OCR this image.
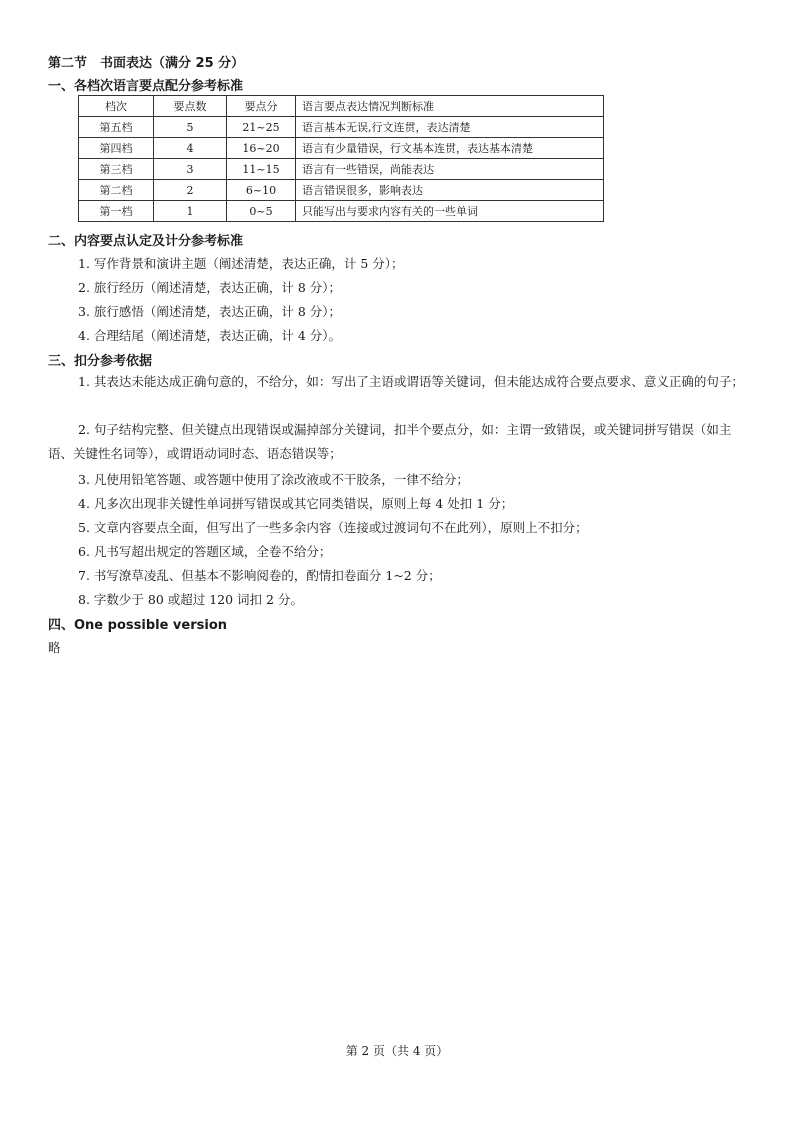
第二节　书面表达（满分 25 分）
一、各档次语言要点配分参考标准
档次	要点数	要点分	语言要点表达情况判断标准
第五档	5	21~25	语言基本无误,行文连贯，表达清楚
第四档	4	16~20	语言有少量错误，行文基本连贯，表达基本清楚
第三档	3	11~15	语言有一些错误，尚能表达
第二档	2	6~10	语言错误很多，影响表达
第一档	1	0~5	只能写出与要求内容有关的一些单词
二、内容要点认定及计分参考标准
1. 写作背景和演讲主题（阐述清楚，表达正确，计 5 分）；
2. 旅行经历（阐述清楚，表达正确，计 8 分）；
3. 旅行感悟（阐述清楚，表达正确，计 8 分）；
4. 合理结尾（阐述清楚，表达正确，计 4 分）。
三、扣分参考依据
1. 其表达未能达成正确句意的，不给分，如：写出了主语或谓语等关键词，但未能达成符合要点要求、意义正确的句子；
2. 句子结构完整、但关键点出现错误或漏掉部分关键词，扣半个要点分，如：主谓一致错误，或关键词拼写错误（如主语、关键性名词等），或谓语动词时态、语态错误等；
3. 凡使用铅笔答题、或答题中使用了涂改液或不干胶条，一律不给分；
4. 凡多次出现非关键性单词拼写错误或其它同类错误，原则上每 4 处扣 1 分；
5. 文章内容要点全面，但写出了一些多余内容（连接或过渡词句不在此列），原则上不扣分；
6. 凡书写超出规定的答题区域，全卷不给分；
7. 书写潦草凌乱、但基本不影响阅卷的，酌情扣卷面分 1~2 分；
8. 字数少于 80 或超过 120 词扣 2 分。
四、One possible version
略
第 2 页（共 4 页）
